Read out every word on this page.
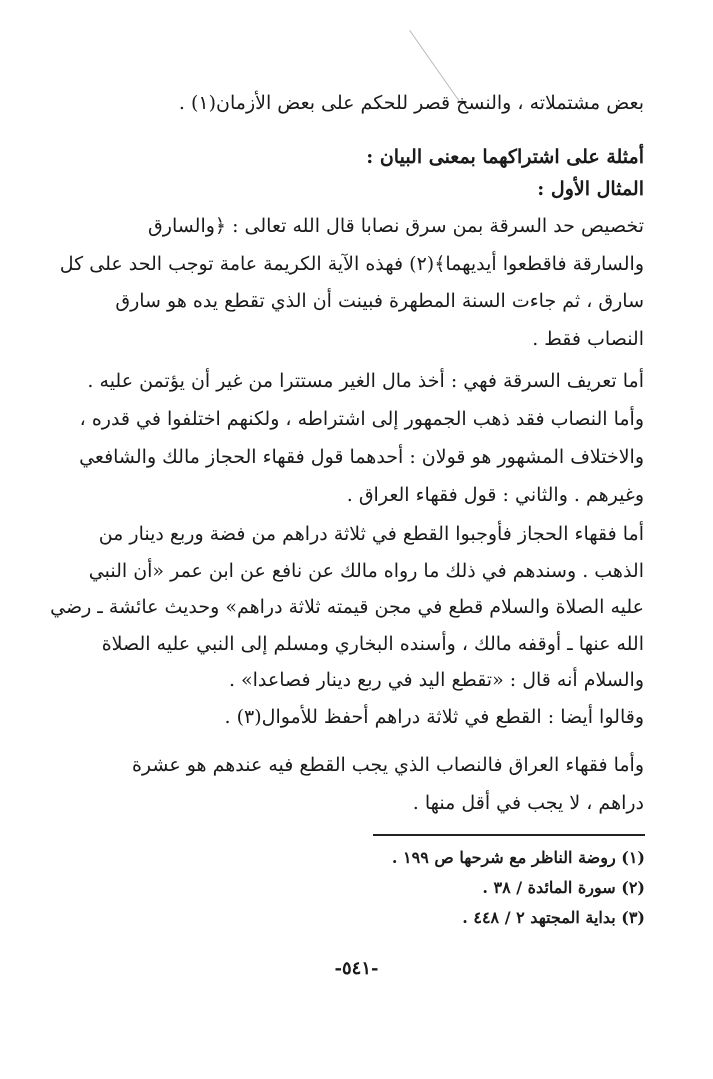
بعض مشتملاته ، والنسخ قصر للحكم على بعض الأزمان(١) .
أمثلة على اشتراكهما بمعنى البيان :
المثال الأول :
تخصيص حد السرقة بمن سرق نصابا قال الله تعالى : ﴿والسارق
والسارقة فاقطعوا أيديهما﴾(٢) فهذه الآية الكريمة عامة توجب الحد على كل
سارق ، ثم جاءت السنة المطهرة فبينت أن الذي تقطع يده هو سارق
النصاب فقط .
أما تعريف السرقة فهي : أخذ مال الغير مستترا من غير أن يؤتمن عليه .
وأما النصاب فقد ذهب الجمهور إلى اشتراطه ، ولكنهم اختلفوا في قدره ،
والاختلاف المشهور هو قولان : أحدهما قول فقهاء الحجاز مالك والشافعي
وغيرهم . والثاني : قول فقهاء العراق .
أما فقهاء الحجاز فأوجبوا القطع في ثلاثة دراهم من فضة وربع دينار من
الذهب . وسندهم في ذلك ما رواه مالك عن نافع عن ابن عمر «أن النبي
عليه الصلاة والسلام قطع في مجن قيمته ثلاثة دراهم» وحديث عائشة ـ رضي
الله عنها ـ أوقفه مالك ، وأسنده البخاري ومسلم إلى النبي عليه الصلاة
والسلام أنه قال : «تقطع اليد في ربع دينار فصاعدا» .
وقالوا أيضا : القطع في ثلاثة دراهم أحفظ للأموال(٣) .
وأما فقهاء العراق فالنصاب الذي يجب القطع فيه عندهم هو عشرة
دراهم ، لا يجب في أقل منها .
(١) روضة الناظر مع شرحها ص ١٩٩ .
(٢) سورة المائدة / ٣٨ .
(٣) بداية المجتهد ٢ / ٤٤٨ .
-٥٤١-
